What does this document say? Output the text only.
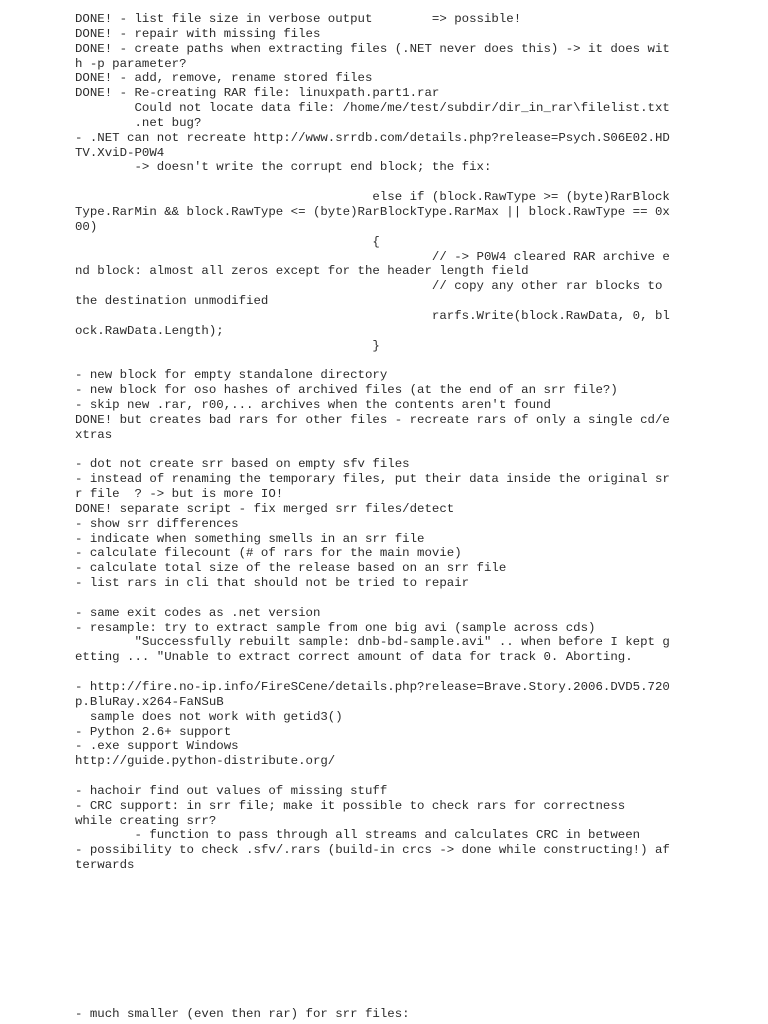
DONE! - list file size in verbose output        => possible!
DONE! - repair with missing files
DONE! - create paths when extracting files (.NET never does this) -> it does wit
h -p parameter?
DONE! - add, remove, rename stored files
DONE! - Re-creating RAR file: linuxpath.part1.rar
Could not locate data file: /home/me/test/subdir/dir_in_rar\filelist.txt
.net bug?
- .NET can not recreate http://www.srrdb.com/details.php?release=Psych.S06E02.HD
TV.XviD-P0W4
-> doesn't write the corrupt end block; the fix:
else if (block.RawType >= (byte)RarBlock
Type.RarMin && block.RawType <= (byte)RarBlockType.RarMax || block.RawType == 0x
00)
{
// -> P0W4 cleared RAR archive e
nd block: almost all zeros except for the header length field
// copy any other rar blocks to
the destination unmodified
rarfs.Write(block.RawData, 0, bl
ock.RawData.Length);
}
- new block for empty standalone directory
- new block for oso hashes of archived files (at the end of an srr file?)
- skip new .rar, r00,... archives when the contents aren't found
DONE! but creates bad rars for other files - recreate rars of only a single cd/e
xtras
- dot not create srr based on empty sfv files
- instead of renaming the temporary files, put their data inside the original sr
r file  ? -> but is more IO!
DONE! separate script - fix merged srr files/detect
- show srr differences
- indicate when something smells in an srr file
- calculate filecount (# of rars for the main movie)
- calculate total size of the release based on an srr file
- list rars in cli that should not be tried to repair
- same exit codes as .net version
- resample: try to extract sample from one big avi (sample across cds)
"Successfully rebuilt sample: dnb-bd-sample.avi" .. when before I kept g
etting ... "Unable to extract correct amount of data for track 0. Aborting.
- http://fire.no-ip.info/FireSCene/details.php?release=Brave.Story.2006.DVD5.720
p.BluRay.x264-FaNSuB
sample does not work with getid3()
- Python 2.6+ support
- .exe support Windows
http://guide.python-distribute.org/
- hachoir find out values of missing stuff
- CRC support: in srr file; make it possible to check rars for correctness
while creating srr?
- function to pass through all streams and calculates CRC in between
- possibility to check .sfv/.rars (build-in crcs -> done while constructing!) af
terwards
- much smaller (even then rar) for srr files:
